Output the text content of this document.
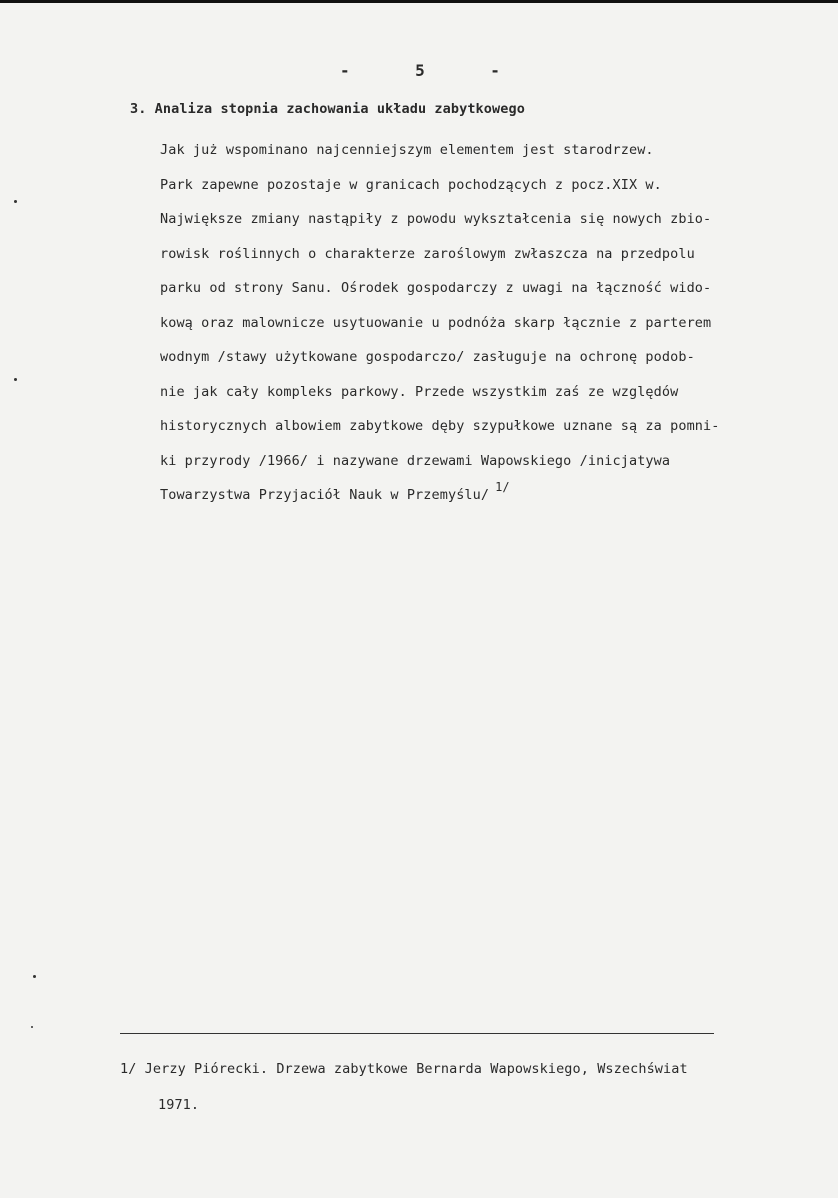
-	5	-
3. Analiza stopnia zachowania układu zabytkowego
Jak już wspominano najcenniejszym elementem jest starodrzew.
Park zapewne pozostaje w granicach pochodzących z pocz.XIX w.
Największe zmiany nastąpiły z powodu wykształcenia się nowych zbio-
rowisk roślinnych o charakterze zaroślowym zwłaszcza na przedpolu
parku od strony Sanu. Ośrodek gospodarczy z uwagi na łączność wido-
kową oraz malownicze usytuowanie u podnóża skarp łącznie z parterem
wodnym /stawy użytkowane gospodarczo/ zasługuje na ochronę podob-
nie jak cały kompleks parkowy. Przede wszystkim zaś ze względów
historycznych albowiem zabytkowe dęby szypułkowe uznane są za pomni-
ki przyrody /1966/ i nazywane drzewami Wapowskiego /inicjatywa
Towarzystwa Przyjaciół Nauk w Przemyślu/ 1/
1/ Jerzy Piórecki. Drzewa zabytkowe Bernarda Wapowskiego, Wszechświat
1971.
